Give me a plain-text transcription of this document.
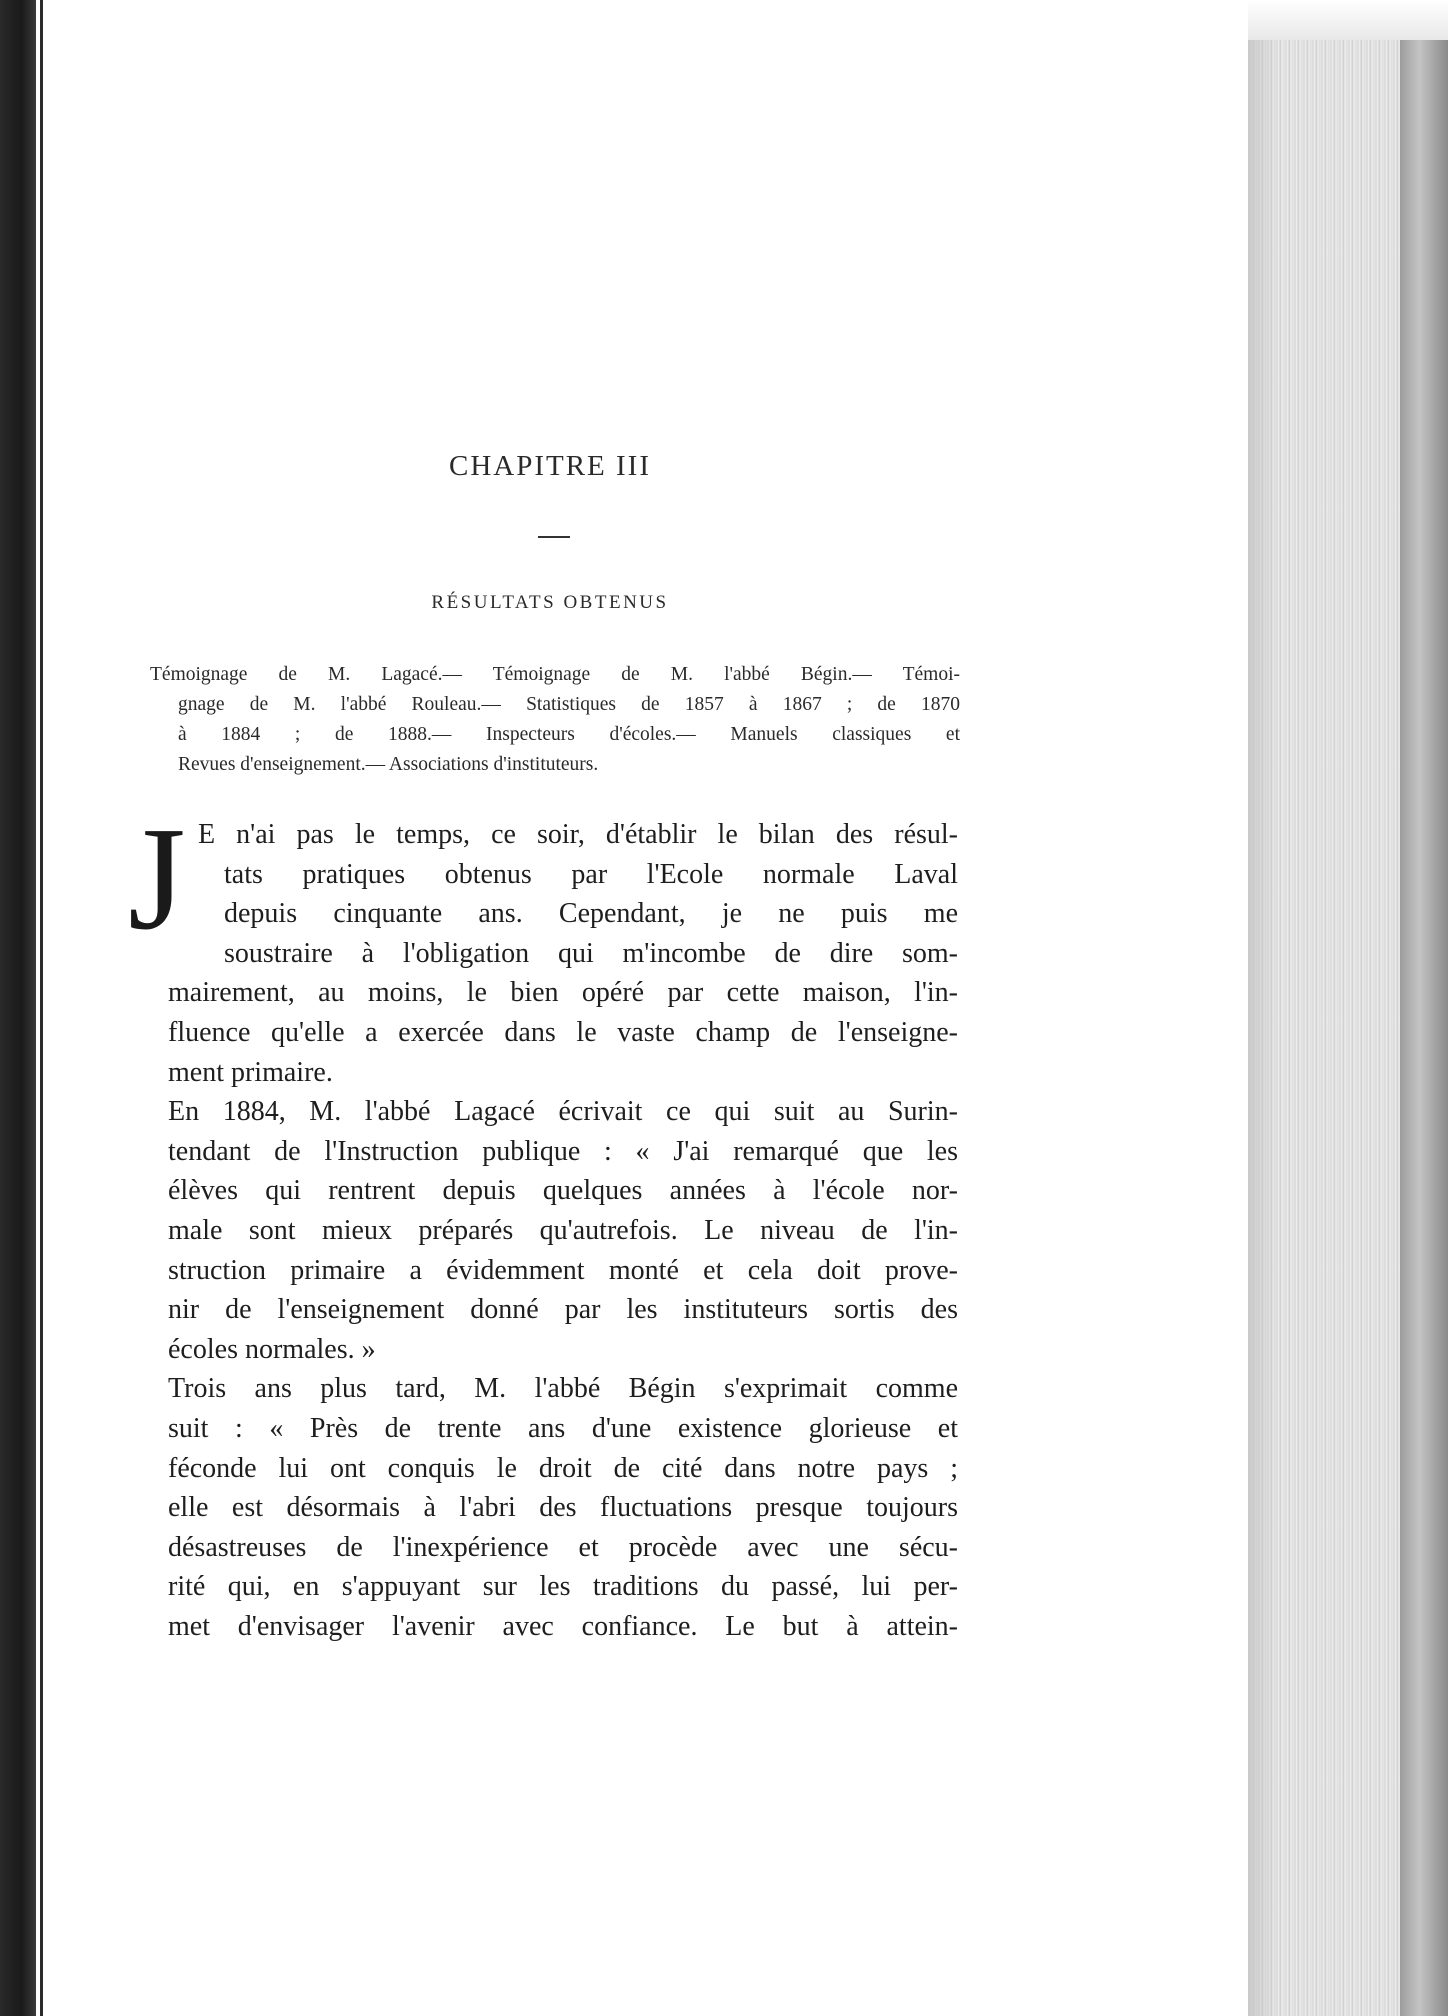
CHAPITRE III
RÉSULTATS OBTENUS
Témoignage de M. Lagacé.— Témoignage de M. l'abbé Bégin.— Témoi-
gnage de M. l'abbé Rouleau.— Statistiques de 1857 à 1867 ; de 1870
à 1884 ; de 1888.— Inspecteurs d'écoles.— Manuels classiques et
Revues d'enseignement.— Associations d'instituteurs.
J E n'ai pas le temps, ce soir, d'établir le bilan des résul-
tats pratiques obtenus par l'Ecole normale Laval
depuis cinquante ans. Cependant, je ne puis me
soustraire à l'obligation qui m'incombe de dire som-
mairement, au moins, le bien opéré par cette maison, l'in-
fluence qu'elle a exercée dans le vaste champ de l'enseigne-
ment primaire.
En 1884, M. l'abbé Lagacé écrivait ce qui suit au Surin-
tendant de l'Instruction publique : « J'ai remarqué que les
élèves qui rentrent depuis quelques années à l'école nor-
male sont mieux préparés qu'autrefois. Le niveau de l'in-
struction primaire a évidemment monté et cela doit prove-
nir de l'enseignement donné par les instituteurs sortis des
écoles normales. »
Trois ans plus tard, M. l'abbé Bégin s'exprimait comme
suit : « Près de trente ans d'une existence glorieuse et
féconde lui ont conquis le droit de cité dans notre pays ;
elle est désormais à l'abri des fluctuations presque toujours
désastreuses de l'inexpérience et procède avec une sécu-
rité qui, en s'appuyant sur les traditions du passé, lui per-
met d'envisager l'avenir avec confiance. Le but à attein-
